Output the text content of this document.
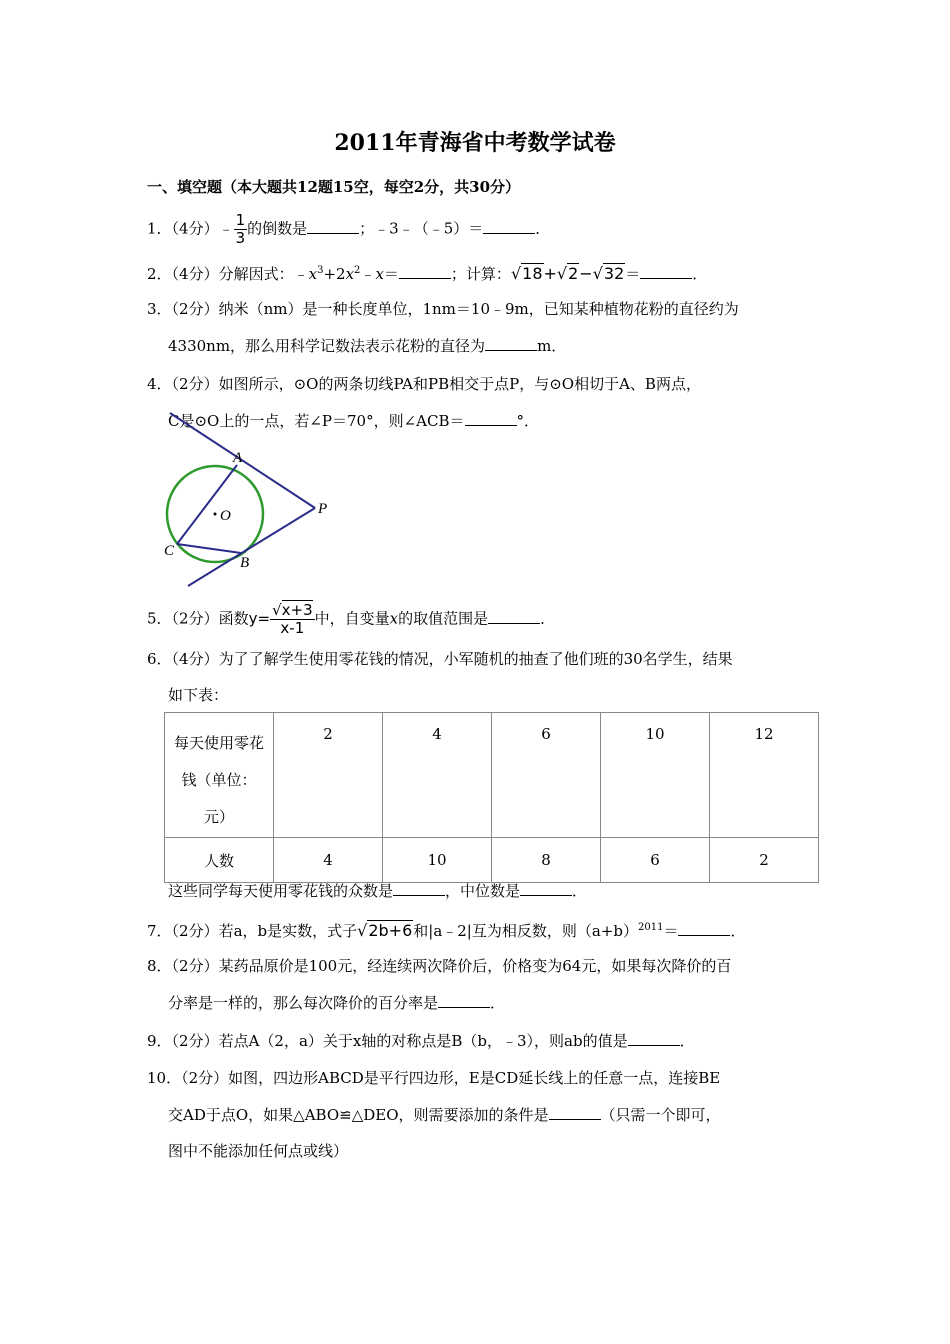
2011年青海省中考数学试卷
一、填空题（本大题共12题15空，每空2分，共30分）
1．（4分）﹣ $\frac{1}{3}$ 的倒数是	；﹣3﹣（﹣5）＝	．
2．（4分）分解因式：$﹣x^3+2x^2﹣x=$	；计算：√18+√2−√32＝	．
3．（2分）纳米（nm）是一种长度单位，1nm＝10﹣9m，已知某种植物花粉的直径约为
4330nm，那么用科学记数法表示花粉的直径为	m．
4．（2分）如图所示，⊙O的两条切线PA和PB相交于点P，与⊙O相切于A、B两点，
C是⊙O上的一点，若∠P＝70°，则∠ACB＝	°．
A
O	P
C
B
5．（2分）函数$y= \frac{√x+3}{x-1}$ 中，自变量x的取值范围是	．
6．（4分）为了了解学生使用零花钱的情况，小军随机的抽查了他们班的30名学生，结果
如下表：
每天使用零花
钱（单位：
元）	2	4	6	10	12
人数	4	10	8	6	2
这些同学每天使用零花钱的众数是	，中位数是	．
7．（2分）若a，b是实数，式子√2b+6和|a﹣2|互为相反数，则$(a+b)^{2011}=$	．
8．（2分）某药品原价是100元，经连续两次降价后，价格变为64元，如果每次降价的百
分率是一样的，那么每次降价的百分率是	．
9．（2分）若点A（2，a）关于x轴的对称点是B（b，﹣3），则ab的值是	．
10．（2分）如图，四边形ABCD是平行四边形，E是CD延长线上的任意一点，连接BE
交AD于点O，如果△ABO≌△DEO，则需要添加的条件是	（只需一个即可，
图中不能添加任何点或线）
